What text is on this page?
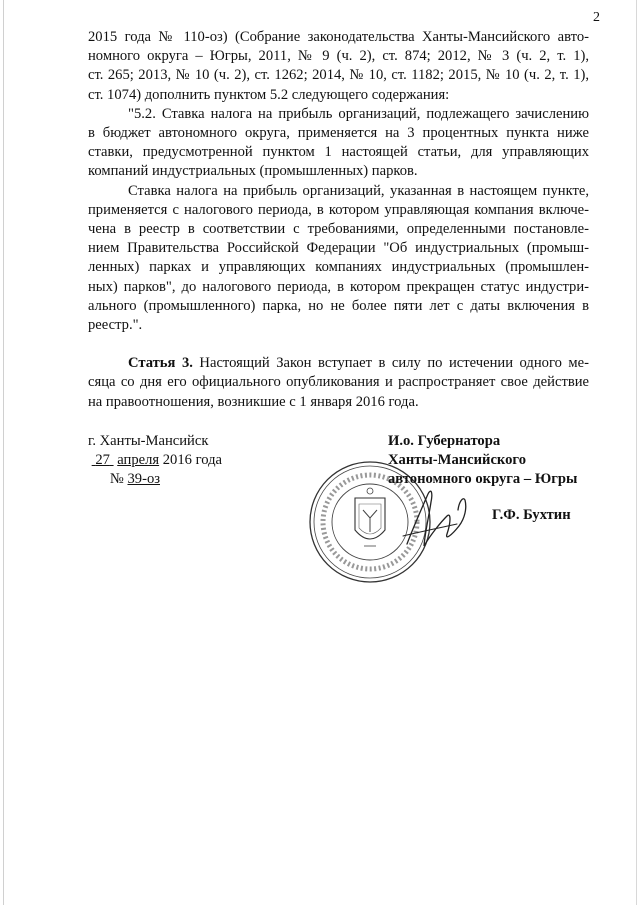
2
2015 года № 110-оз) (Собрание законодательства Ханты-Мансийского авто-
номного округа – Югры, 2011, № 9 (ч. 2), ст. 874; 2012, № 3 (ч. 2, т. 1),
ст. 265; 2013, № 10 (ч. 2), ст. 1262; 2014, № 10, ст. 1182; 2015, № 10 (ч. 2, т. 1),
ст. 1074) дополнить пунктом 5.2 следующего содержания:
"5.2. Ставка налога на прибыль организаций, подлежащего зачислению
в бюджет автономного округа, применяется на 3 процентных пункта ниже
ставки, предусмотренной пунктом 1 настоящей статьи, для управляющих
компаний индустриальных (промышленных) парков.
Ставка налога на прибыль организаций, указанная в настоящем пункте,
применяется с налогового периода, в котором управляющая компания включе-
чена в реестр в соответствии с требованиями, определенными постановле-
нием Правительства Российской Федерации "Об индустриальных (промыш-
ленных) парках и управляющих компаниях индустриальных (промышлен-
ных) парков", до налогового периода, в котором прекращен статус индустри-
ального (промышленного) парка, но не более пяти лет с даты включения в
реестр.".
Статья 3. Настоящий Закон вступает в силу по истечении одного ме-
сяца со дня его официального опубликования и распространяет свое действие
на правоотношения, возникшие с 1 января 2016 года.
г. Ханты-Мансийск
27 апреля 2016 года
№ 39-оз
И.о. Губернатора
Ханты-Мансийского
автономного округа – Югры
Г.Ф. Бухтин
